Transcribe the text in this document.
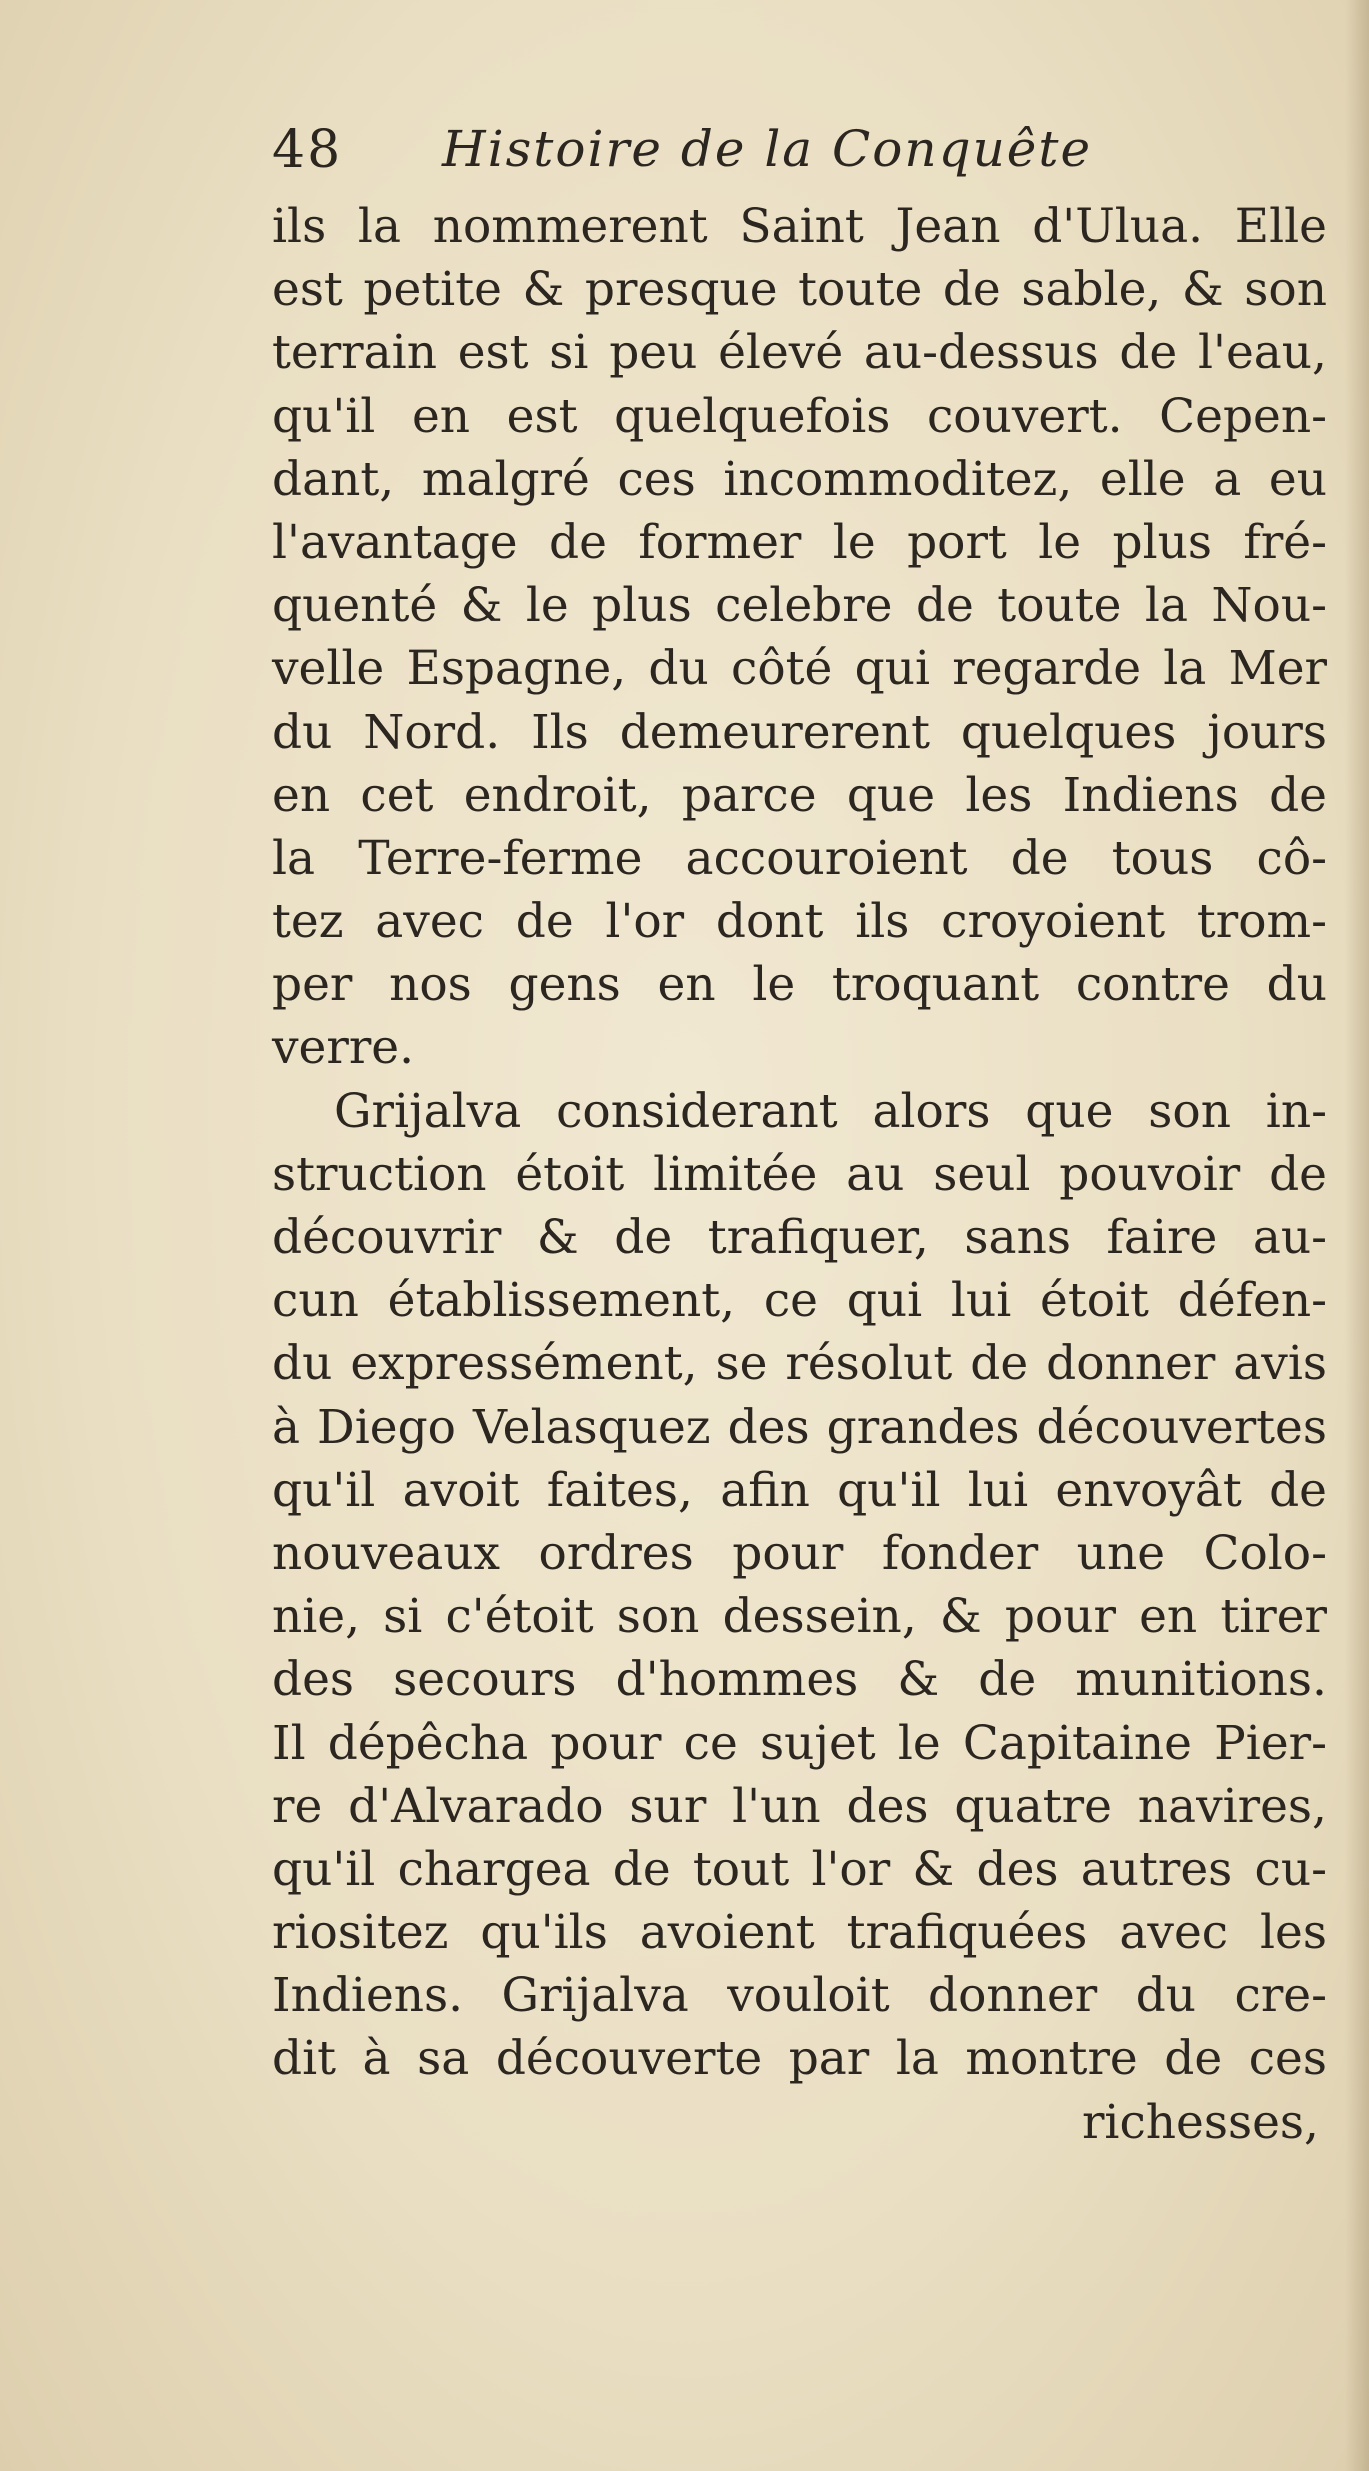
48 Histoire de la Conquête
ils la nommerent Saint Jean d'Ulua. Elle
est petite & presque toute de sable, & son
terrain est si peu élevé au-dessus de l'eau,
qu'il en est quelquefois couvert. Cepen-
dant, malgré ces incommoditez, elle a eu
l'avantage de former le port le plus fré-
quenté & le plus celebre de toute la Nou-
velle Espagne, du côté qui regarde la Mer
du Nord. Ils demeurerent quelques jours
en cet endroit, parce que les Indiens de
la Terre-ferme accouroient de tous cô-
tez avec de l'or dont ils croyoient trom-
per nos gens en le troquant contre du
verre.
Grijalva considerant alors que son in-
struction étoit limitée au seul pouvoir de
découvrir & de trafiquer, sans faire au-
cun établissement, ce qui lui étoit défen-
du expressément, se résolut de donner avis
à Diego Velasquez des grandes découvertes
qu'il avoit faites, afin qu'il lui envoyât de
nouveaux ordres pour fonder une Colo-
nie, si c'étoit son dessein, & pour en tirer
des secours d'hommes & de munitions.
Il dépêcha pour ce sujet le Capitaine Pier-
re d'Alvarado sur l'un des quatre navires,
qu'il chargea de tout l'or & des autres cu-
riositez qu'ils avoient trafiquées avec les
Indiens. Grijalva vouloit donner du cre-
dit à sa découverte par la montre de ces
richesses,
